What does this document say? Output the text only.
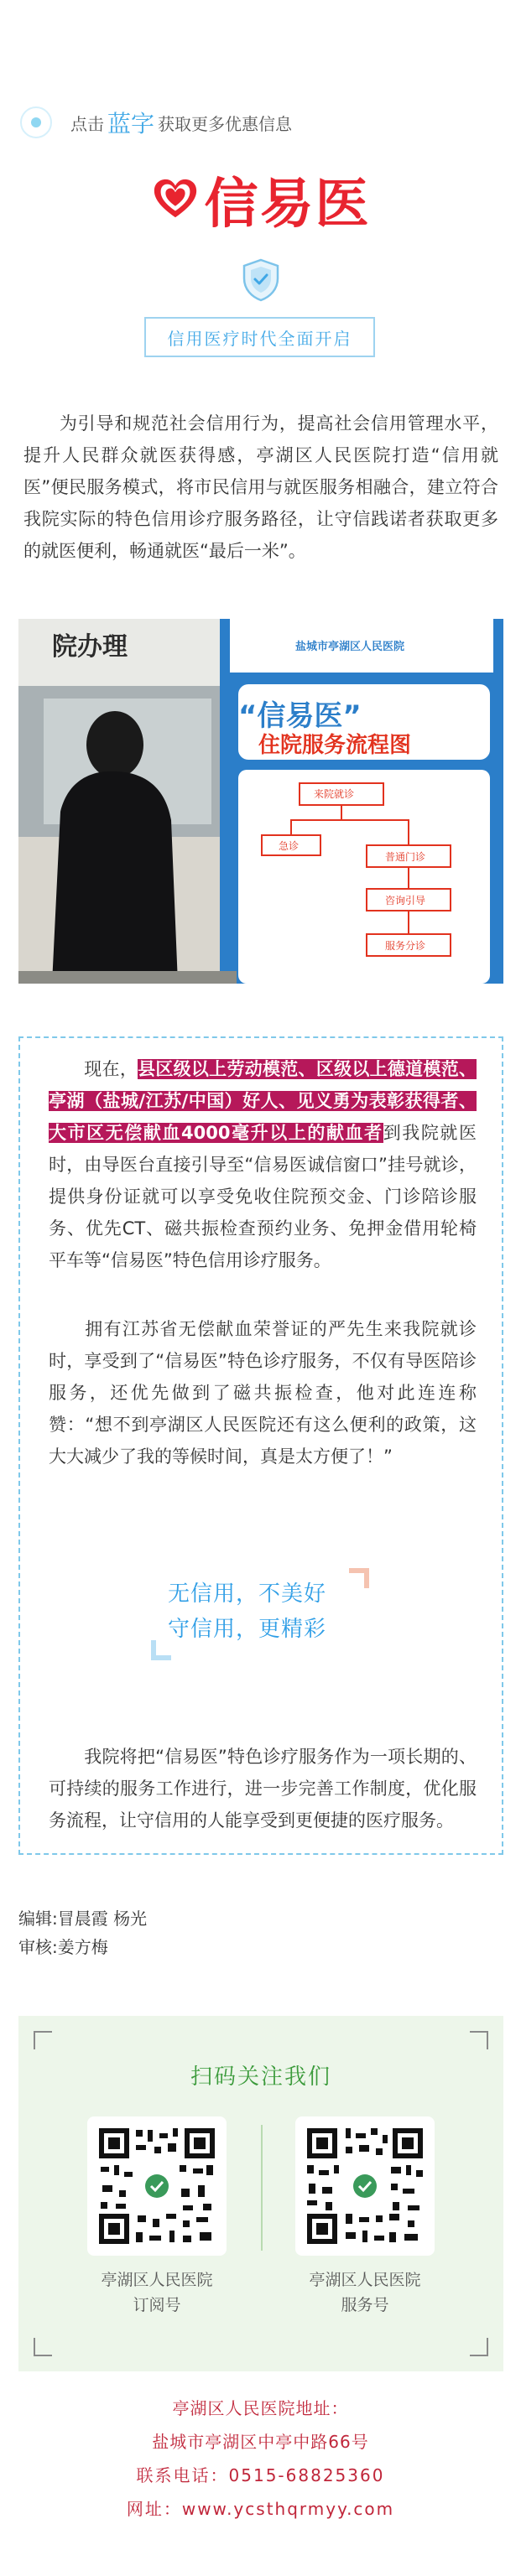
点击 蓝字 获取更多优惠信息
信易医
信用医疗时代全面开启
为引导和规范社会信用行为，提高社会信用管理水平，提升人民群众就医获得感，亭湖区人民医院打造“信用就医”便民服务模式，将市民信用与就医服务相融合，建立符合我院实际的特色信用诊疗服务路径，让守信践诺者获取更多的就医便利，畅通就医“最后一米”。
院办理	盐城市亭湖区人民医院
“信易医”
住院服务流程图
来院就诊
急诊
普通门诊
咨询引导
服务分诊
现在，县区级以上劳动模范、区级以上德道模范、亭湖（盐城/江苏/中国）好人、见义勇为表彰获得者、大市区无偿献血4000毫升以上的献血者到我院就医时，由导医台直接引导至“信易医诚信窗口”挂号就诊，提供身份证就可以享受免收住院预交金、门诊陪诊服务、优先CT、磁共振检查预约业务、免押金借用轮椅平车等“信易医”特色信用诊疗服务。
拥有江苏省无偿献血荣誉证的严先生来我院就诊时，享受到了“信易医”特色诊疗服务，不仅有导医陪诊服务，还优先做到了磁共振检查，他对此连连称赞：“想不到亭湖区人民医院还有这么便利的政策，这大大减少了我的等候时间，真是太方便了！”
无信用，不美好
守信用，更精彩
我院将把“信易医”特色诊疗服务作为一项长期的、可持续的服务工作进行，进一步完善工作制度，优化服务流程，让守信用的人能享受到更便捷的医疗服务。
编辑:冒晨霞 杨光
审核:姜方梅
扫码关注我们
亭湖区人民医院
订阅号
亭湖区人民医院
服务号
亭湖区人民医院地址：
盐城市亭湖区中亭中路66号
联系电话：0515-68825360
网址：www.ycsthqrmyy.com
